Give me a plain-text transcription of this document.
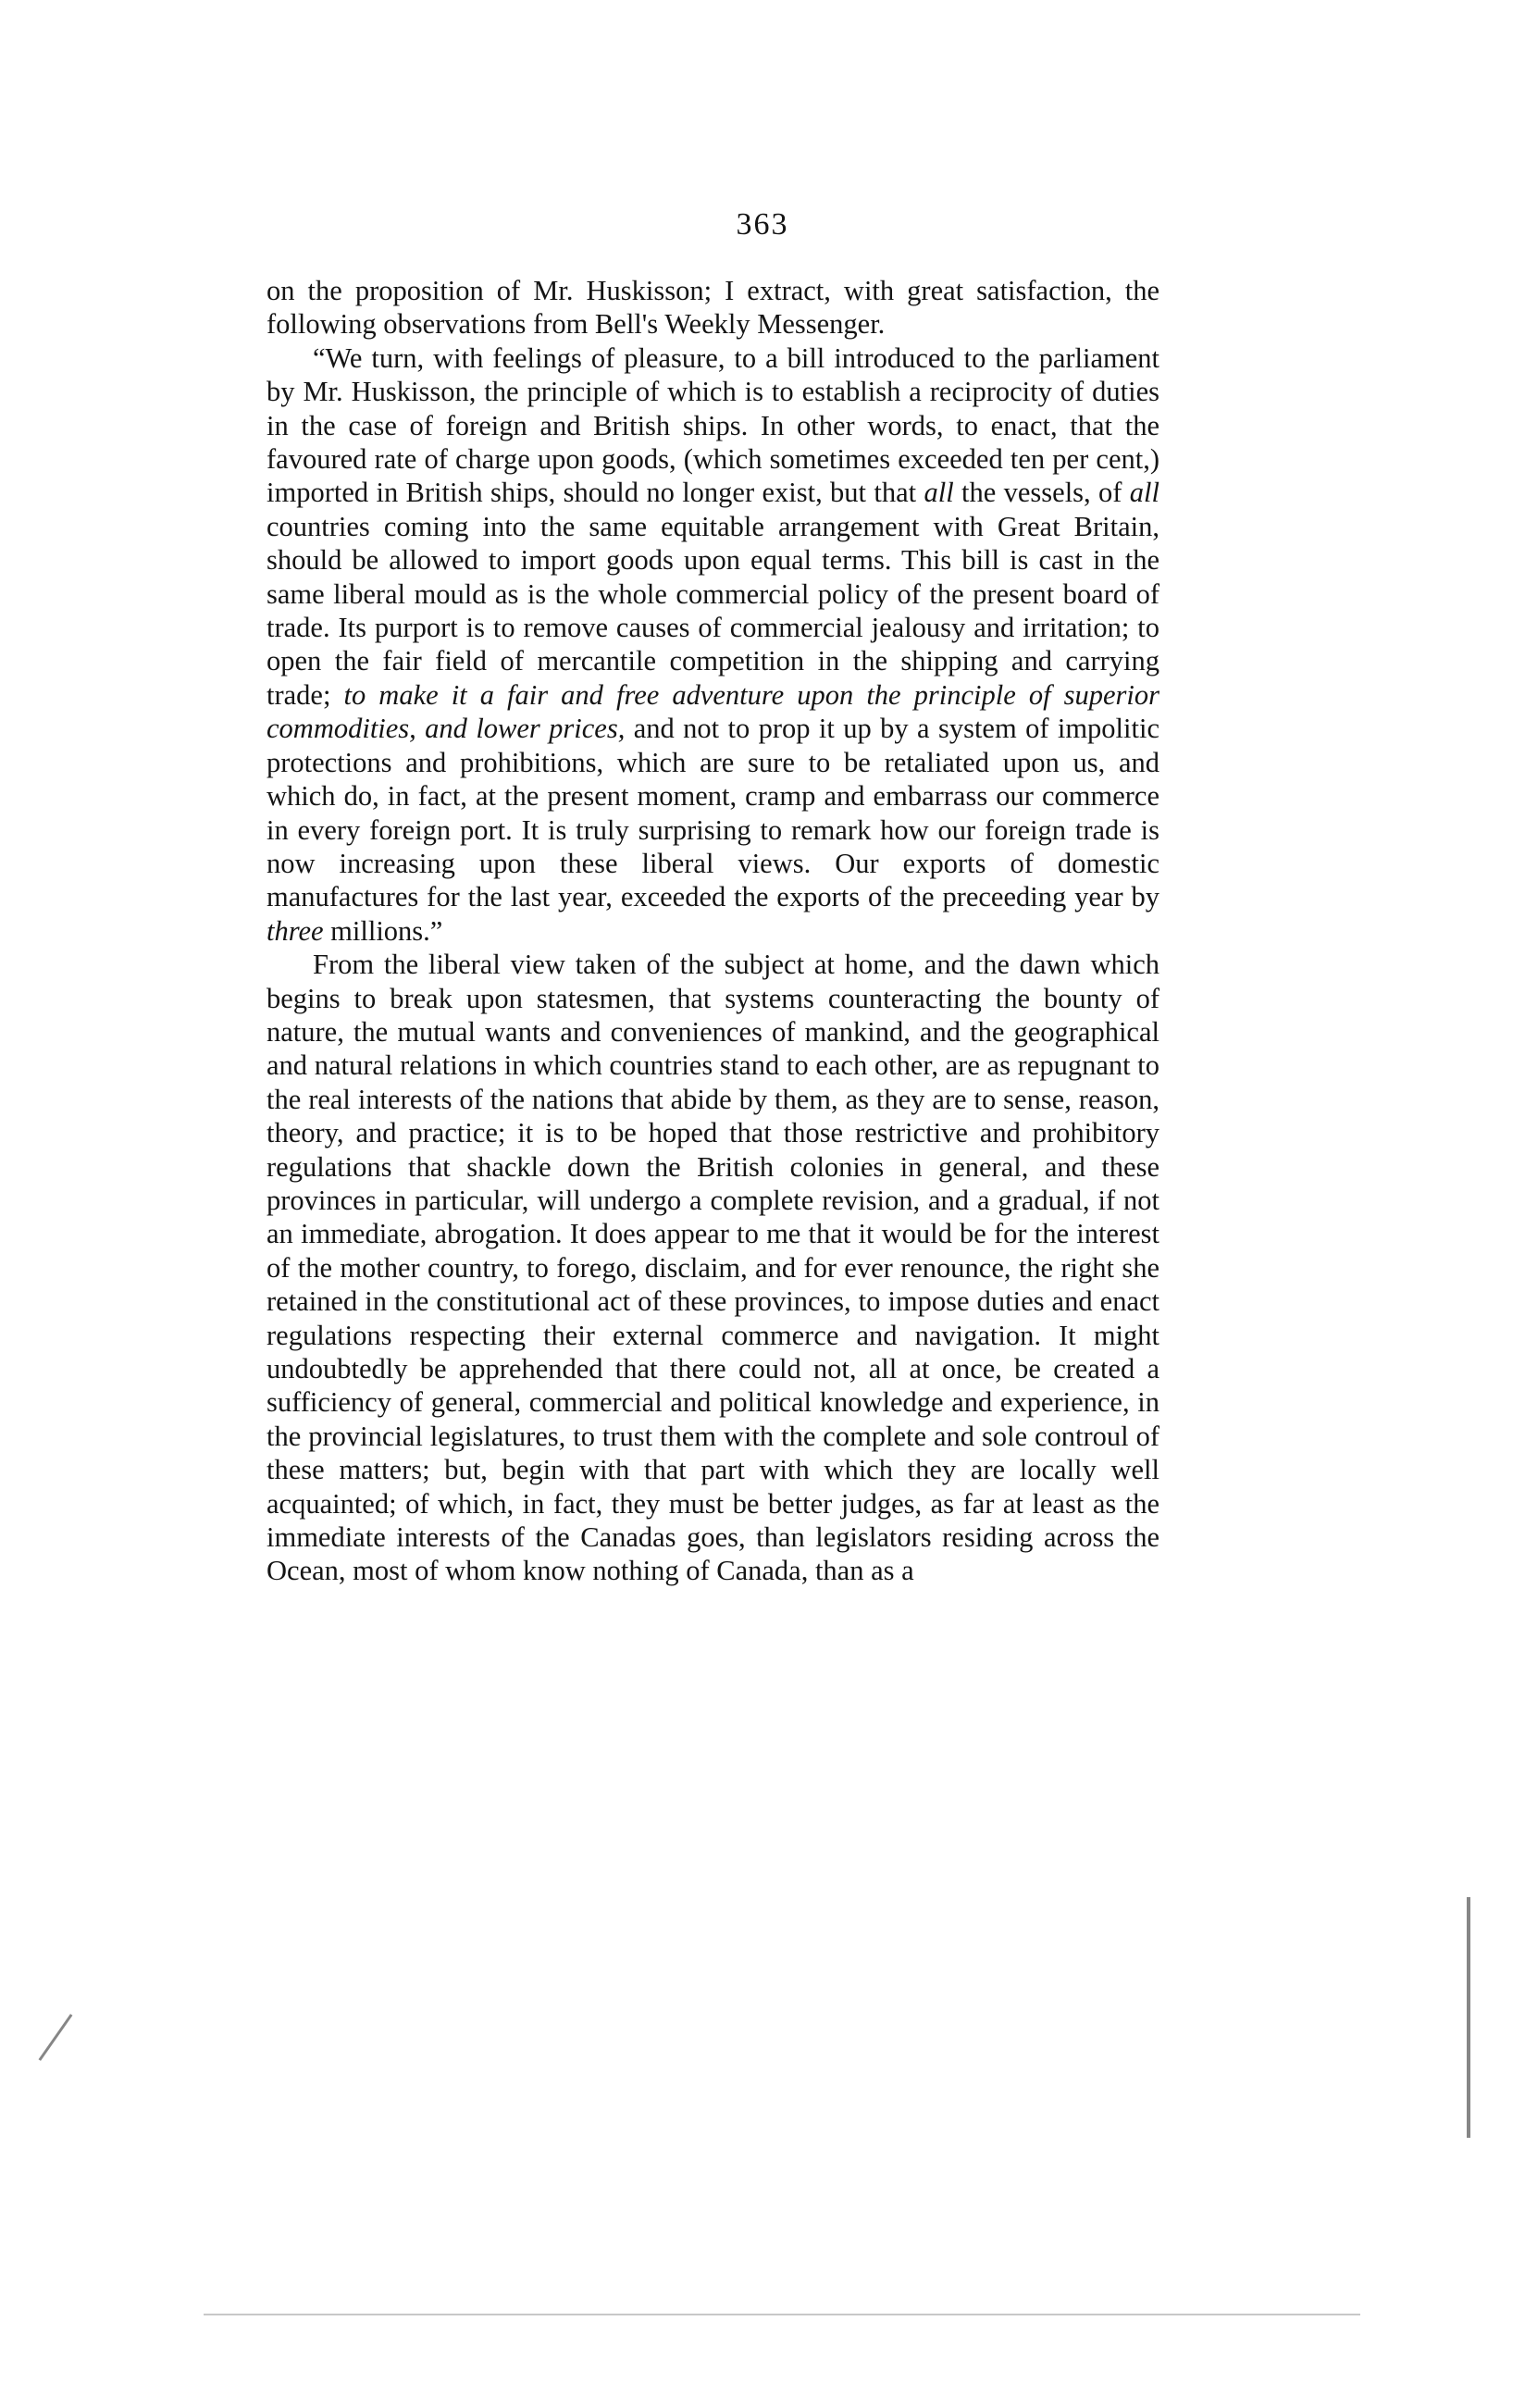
363

on the proposition of Mr. Huskisson; I extract, with great satisfaction, the following observations from Bell's Weekly Messenger.

“We turn, with feelings of pleasure, to a bill introduced to the parliament by Mr. Huskisson, the principle of which is to establish a reciprocity of duties in the case of foreign and British ships. In other words, to enact, that the favoured rate of charge upon goods, (which sometimes exceeded ten per cent,) imported in British ships, should no longer exist, but that all the vessels, of all countries coming into the same equitable arrangement with Great Britain, should be allowed to import goods upon equal terms. This bill is cast in the same liberal mould as is the whole commercial policy of the present board of trade. Its purport is to remove causes of commercial jealousy and irritation; to open the fair field of mercantile competition in the shipping and carrying trade; to make it a fair and free adventure upon the principle of superior commodities, and lower prices, and not to prop it up by a system of impolitic protections and prohibitions, which are sure to be retaliated upon us, and which do, in fact, at the present moment, cramp and embarrass our commerce in every foreign port. It is truly surprising to remark how our foreign trade is now increasing upon these liberal views. Our exports of domestic manufactures for the last year, exceeded the exports of the preceeding year by three millions.”

From the liberal view taken of the subject at home, and the dawn which begins to break upon statesmen, that systems counteracting the bounty of nature, the mutual wants and conveniences of mankind, and the geographical and natural relations in which countries stand to each other, are as repugnant to the real interests of the nations that abide by them, as they are to sense, reason, theory, and practice; it is to be hoped that those restrictive and prohibitory regulations that shackle down the British colonies in general, and these provinces in particular, will undergo a complete revision, and a gradual, if not an immediate, abrogation. It does appear to me that it would be for the interest of the mother country, to forego, disclaim, and for ever renounce, the right she retained in the constitutional act of these provinces, to impose duties and enact regulations respecting their external commerce and navigation. It might undoubtedly be apprehended that there could not, all at once, be created a sufficiency of general, commercial and political knowledge and experience, in the provincial legislatures, to trust them with the complete and sole controul of these matters; but, begin with that part with which they are locally well acquainted; of which, in fact, they must be better judges, as far at least as the immediate interests of the Canadas goes, than legislators residing across the Ocean, most of whom know nothing of Canada, than as a
